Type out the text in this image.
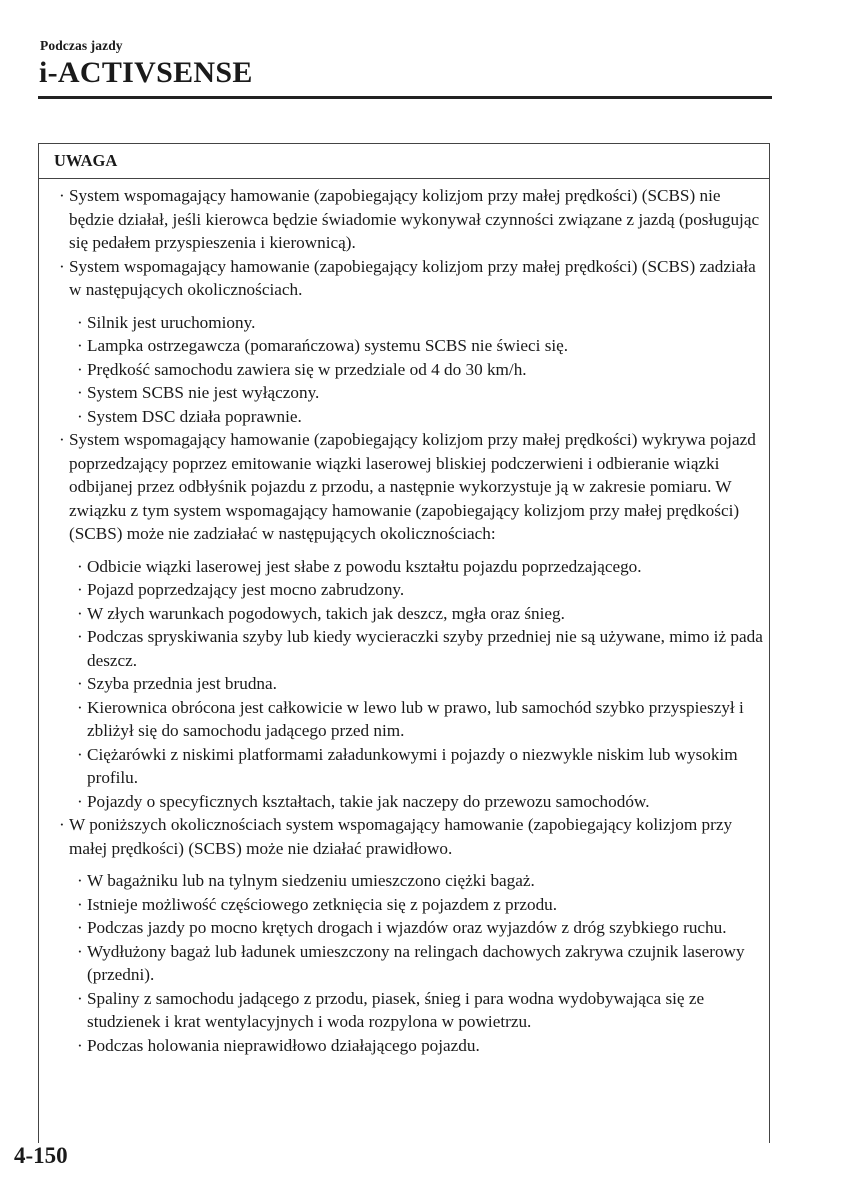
Podczas jazdy
i-ACTIVSENSE
UWAGA
· System wspomagający hamowanie (zapobiegający kolizjom przy małej prędkości) (SCBS) nie będzie działał, jeśli kierowca będzie świadomie wykonywał czynności związane z jazdą (posługując się pedałem przyspieszenia i kierownicą).
· System wspomagający hamowanie (zapobiegający kolizjom przy małej prędkości) (SCBS) zadziała w następujących okolicznościach.
· Silnik jest uruchomiony.
· Lampka ostrzegawcza (pomarańczowa) systemu SCBS nie świeci się.
· Prędkość samochodu zawiera się w przedziale od 4 do 30 km/h.
· System SCBS nie jest wyłączony.
· System DSC działa poprawnie.
· System wspomagający hamowanie (zapobiegający kolizjom przy małej prędkości) wykrywa pojazd poprzedzający poprzez emitowanie wiązki laserowej bliskiej podczerwieni i odbieranie wiązki odbijanej przez odbłyśnik pojazdu z przodu, a następnie wykorzystuje ją w zakresie pomiaru. W związku z tym system wspomagający hamowanie (zapobiegający kolizjom przy małej prędkości) (SCBS) może nie zadziałać w następujących okolicznościach:
· Odbicie wiązki laserowej jest słabe z powodu kształtu pojazdu poprzedzającego.
· Pojazd poprzedzający jest mocno zabrudzony.
· W złych warunkach pogodowych, takich jak deszcz, mgła oraz śnieg.
· Podczas spryskiwania szyby lub kiedy wycieraczki szyby przedniej nie są używane, mimo iż pada deszcz.
· Szyba przednia jest brudna.
· Kierownica obrócona jest całkowicie w lewo lub w prawo, lub samochód szybko przyspieszył i zbliżył się do samochodu jadącego przed nim.
· Ciężarówki z niskimi platformami załadunkowymi i pojazdy o niezwykle niskim lub wysokim profilu.
· Pojazdy o specyficznych kształtach, takie jak naczepy do przewozu samochodów.
· W poniższych okolicznościach system wspomagający hamowanie (zapobiegający kolizjom przy małej prędkości) (SCBS) może nie działać prawidłowo.
· W bagażniku lub na tylnym siedzeniu umieszczono ciężki bagaż.
· Istnieje możliwość częściowego zetknięcia się z pojazdem z przodu.
· Podczas jazdy po mocno krętych drogach i wjazdów oraz wyjazdów z dróg szybkiego ruchu.
· Wydłużony bagaż lub ładunek umieszczony na relingach dachowych zakrywa czujnik laserowy (przedni).
· Spaliny z samochodu jadącego z przodu, piasek, śnieg i para wodna wydobywająca się ze studzienek i krat wentylacyjnych i woda rozpylona w powietrzu.
· Podczas holowania nieprawidłowo działającego pojazdu.
4-150
